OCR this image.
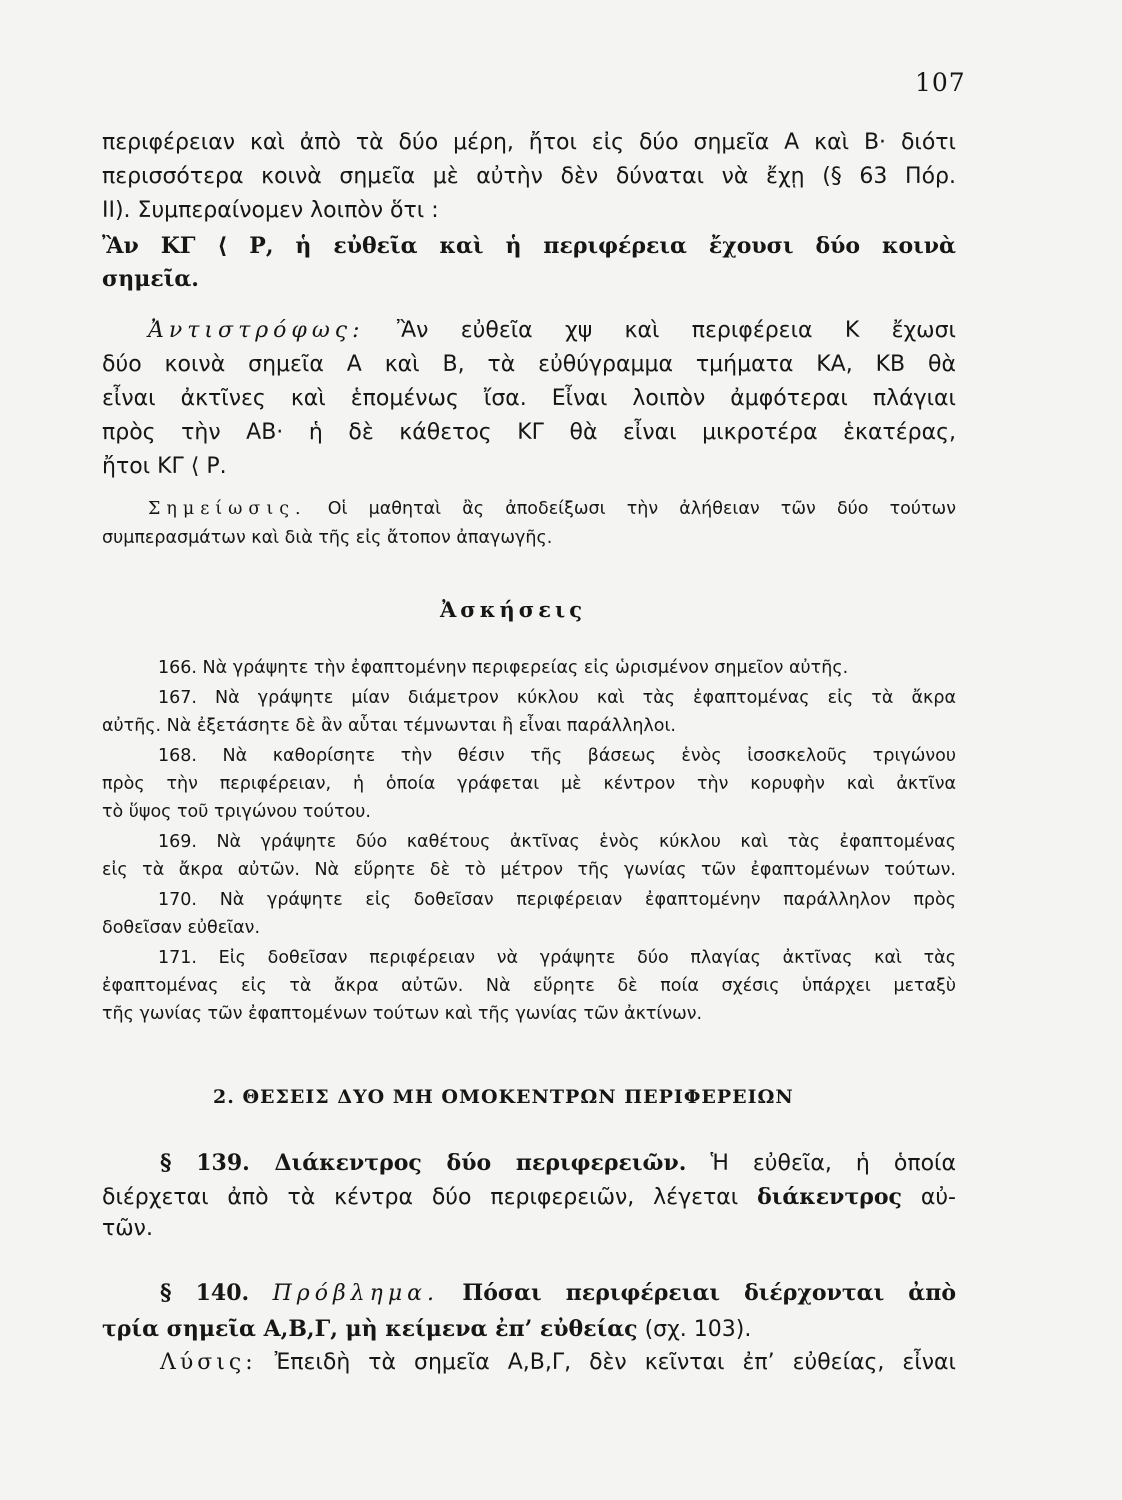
107
περιφέρειαν καὶ ἀπὸ τὰ δύο μέρη, ἤτοι εἰς δύο σημεῖα Α καὶ Β· διότι
περισσότερα κοινὰ σημεῖα μὲ αὐτὴν δὲν δύναται νὰ ἔχῃ (§ 63 Πόρ.
ΙΙ). Συμπεραίνομεν λοιπὸν ὅτι :
Ἂν ΚΓ ⟨ Ρ, ἡ εὐθεῖα καὶ ἡ περιφέρεια ἔχουσι δύο κοινὰ
σημεῖα.
Ἀντιστρόφως: Ἂν εὐθεῖα χψ καὶ περιφέρεια Κ ἔχωσι
δύο κοινὰ σημεῖα Α καὶ Β, τὰ εὐθύγραμμα τμήματα ΚΑ, ΚΒ θὰ
εἶναι ἀκτῖνες καὶ ἑπομένως ἴσα. Εἶναι λοιπὸν ἀμφότεραι πλάγιαι
πρὸς τὴν ΑΒ· ἡ δὲ κάθετος ΚΓ θὰ εἶναι μικροτέρα ἑκατέρας,
ἤτοι ΚΓ ⟨ Ρ.
Σημείωσις. Οἱ μαθηταὶ ἂς ἀποδείξωσι τὴν ἀλήθειαν τῶν δύο τούτων
συμπερασμάτων καὶ διὰ τῆς εἰς ἄτοπον ἀπαγωγῆς.
Ἀσκήσεις
166. Νὰ γράψητε τὴν ἐφαπτομένην περιφερείας εἰς ὡρισμένον σημεῖον αὐτῆς.
167. Νὰ γράψητε μίαν διάμετρον κύκλου καὶ τὰς ἐφαπτομένας εἰς τὰ ἄκρα
αὐτῆς. Νὰ ἐξετάσητε δὲ ἂν αὗται τέμνωνται ἢ εἶναι παράλληλοι.
168. Νὰ καθορίσητε τὴν θέσιν τῆς βάσεως ἑνὸς ἰσοσκελοῦς τριγώνου
πρὸς τὴν περιφέρειαν, ἡ ὁποία γράφεται μὲ κέντρον τὴν κορυφὴν καὶ ἀκτῖνα
τὸ ὕψος τοῦ τριγώνου τούτου.
169. Νὰ γράψητε δύο καθέτους ἀκτῖνας ἑνὸς κύκλου καὶ τὰς ἐφαπτομένας
εἰς τὰ ἄκρα αὐτῶν. Νὰ εὕρητε δὲ τὸ μέτρον τῆς γωνίας τῶν ἐφαπτομένων τούτων.
170. Νὰ γράψητε εἰς δοθεῖσαν περιφέρειαν ἐφαπτομένην παράλληλον πρὸς
δοθεῖσαν εὐθεῖαν.
171. Εἰς δοθεῖσαν περιφέρειαν νὰ γράψητε δύο πλαγίας ἀκτῖνας καὶ τὰς
ἐφαπτομένας εἰς τὰ ἄκρα αὐτῶν. Νὰ εὕρητε δὲ ποία σχέσις ὑπάρχει μεταξὺ
τῆς γωνίας τῶν ἐφαπτομένων τούτων καὶ τῆς γωνίας τῶν ἀκτίνων.
2. ΘΕΣΕΙΣ ΔΥΟ ΜΗ ΟΜΟΚΕΝΤΡΩΝ ΠΕΡΙΦΕΡΕΙΩΝ
§ 139. Διάκεντρος δύο περιφερειῶν. Ἡ εὐθεῖα, ἡ ὁποία
διέρχεται ἀπὸ τὰ κέντρα δύο περιφερειῶν, λέγεται διάκεντρος αὐ-
τῶν.
§ 140. Πρόβλημα. Πόσαι περιφέρειαι διέρχονται ἀπὸ
τρία σημεῖα Α,Β,Γ, μὴ κείμενα ἐπ’ εὐθείας (σχ. 103).
Λύσις: Ἐπειδὴ τὰ σημεῖα Α,Β,Γ, δὲν κεῖνται ἐπ’ εὐθείας, εἶναι
